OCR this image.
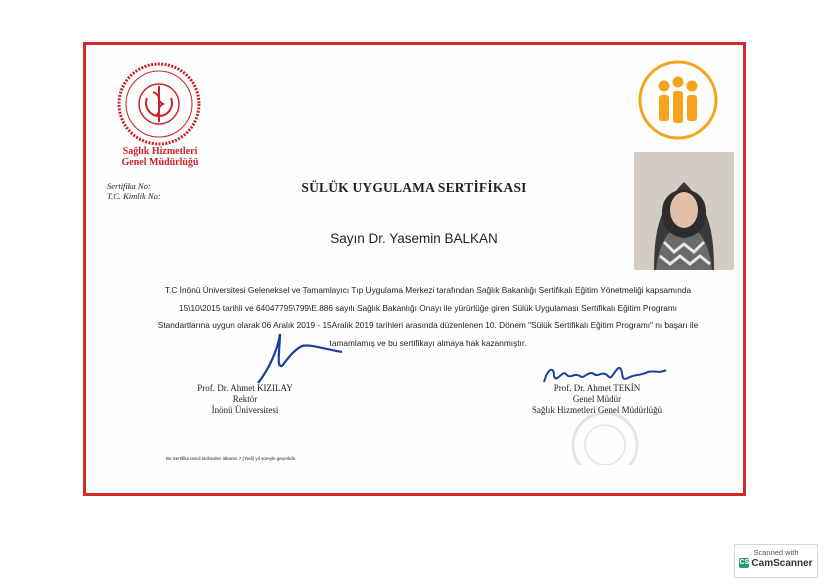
Sağlık Hizmetleri
Genel Müdürlüğü
Sertifika No:
T.C. Kimlik No:
SÜLÜK UYGULAMA SERTİFİKASI
Sayın Dr. Yasemin BALKAN
T.C İnönü Üniversitesi Geleneksel ve Tamamlayıcı Tıp Uygulama Merkezi tarafından Sağlık Bakanlığı Sertifikalı Eğitim Yönetmeliği kapsamında
15\10\2015 tarihli ve 64047795\799\E.886 sayılı Sağlık Bakanlığı Onayı ile yürürlüğe giren Sülük Uygulaması Sertifikalı Eğitim Programı
Standartlarına uygun olarak 06 Aralık 2019 - 15Aralık 2019 tarihleri arasında düzenlenen 10. Dönem "Sülük Sertifikalı Eğitim Programı" nı başarı ile
tamamlamış ve bu sertifikayı almaya hak kazanmıştır.
Prof. Dr. Ahmet KIZILAY
Rektör
İnönü Üniversitesi
Prof. Dr. Ahmet TEKİN
Genel Müdür
Sağlık Hizmetleri Genel Müdürlüğü
Bu Sertifika tescil tarihinden itibaren 7 (Yedi) yıl süreyle geçerlidir.
Scanned with
CS CamScanner
